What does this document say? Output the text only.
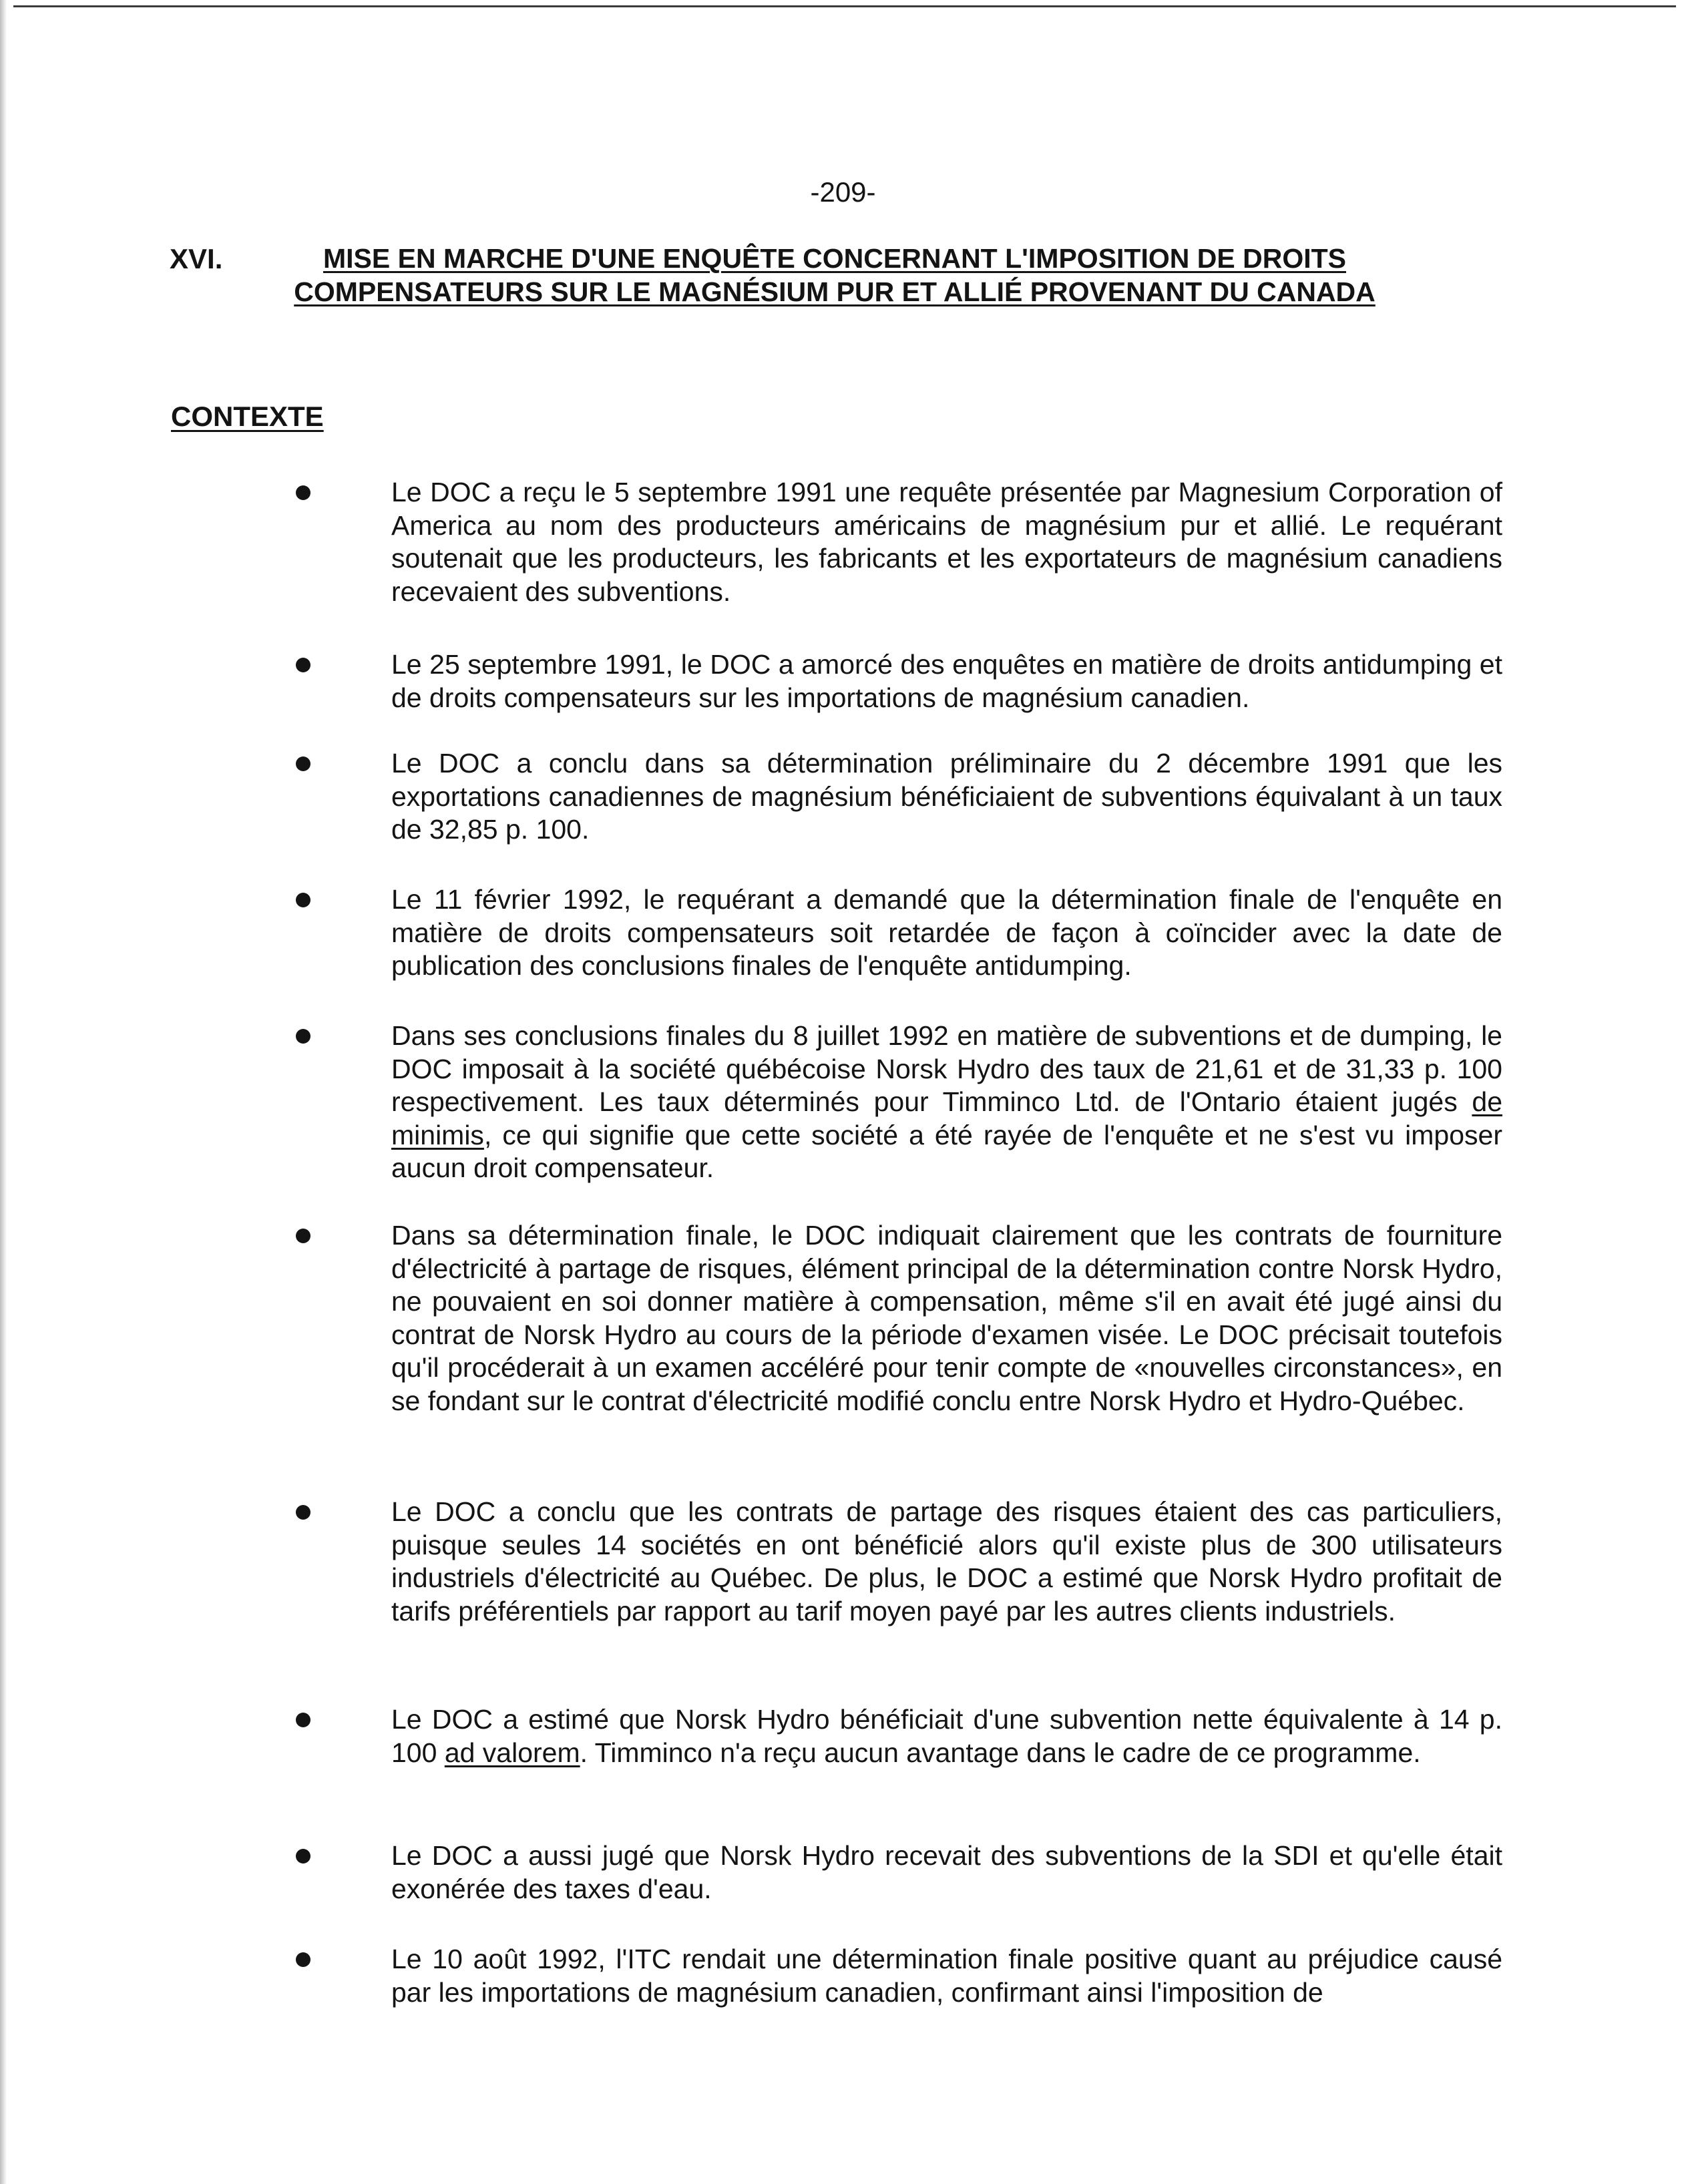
-209-
XVI.	MISE EN MARCHE D'UNE ENQUÊTE CONCERNANT L'IMPOSITION DE DROITS
COMPENSATEURS SUR LE MAGNÉSIUM PUR ET ALLIÉ PROVENANT DU CANADA
CONTEXTE
Le DOC a reçu le 5 septembre 1991 une requête présentée par Magnesium Corporation of America au nom des producteurs américains de magnésium pur et allié. Le requérant soutenait que les producteurs, les fabricants et les exportateurs de magnésium canadiens recevaient des subventions.
Le 25 septembre 1991, le DOC a amorcé des enquêtes en matière de droits antidumping et de droits compensateurs sur les importations de magnésium canadien.
Le DOC a conclu dans sa détermination préliminaire du 2 décembre 1991 que les exportations canadiennes de magnésium bénéficiaient de subventions équivalant à un taux de 32,85 p. 100.
Le 11 février 1992, le requérant a demandé que la détermination finale de l'enquête en matière de droits compensateurs soit retardée de façon à coïncider avec la date de publication des conclusions finales de l'enquête antidumping.
Dans ses conclusions finales du 8 juillet 1992 en matière de subventions et de dumping, le DOC imposait à la société québécoise Norsk Hydro des taux de 21,61 et de 31,33 p. 100 respectivement. Les taux déterminés pour Timminco Ltd. de l'Ontario étaient jugés de minimis, ce qui signifie que cette société a été rayée de l'enquête et ne s'est vu imposer aucun droit compensateur.
Dans sa détermination finale, le DOC indiquait clairement que les contrats de fourniture d'électricité à partage de risques, élément principal de la détermination contre Norsk Hydro, ne pouvaient en soi donner matière à compensation, même s'il en avait été jugé ainsi du contrat de Norsk Hydro au cours de la période d'examen visée. Le DOC précisait toutefois qu'il procéderait à un examen accéléré pour tenir compte de «nouvelles circonstances», en se fondant sur le contrat d'électricité modifié conclu entre Norsk Hydro et Hydro-Québec.
Le DOC a conclu que les contrats de partage des risques étaient des cas particuliers, puisque seules 14 sociétés en ont bénéficié alors qu'il existe plus de 300 utilisateurs industriels d'électricité au Québec. De plus, le DOC a estimé que Norsk Hydro profitait de tarifs préférentiels par rapport au tarif moyen payé par les autres clients industriels.
Le DOC a estimé que Norsk Hydro bénéficiait d'une subvention nette équivalente à 14 p. 100 ad valorem. Timminco n'a reçu aucun avantage dans le cadre de ce programme.
Le DOC a aussi jugé que Norsk Hydro recevait des subventions de la SDI et qu'elle était exonérée des taxes d'eau.
Le 10 août 1992, l'ITC rendait une détermination finale positive quant au préjudice causé par les importations de magnésium canadien, confirmant ainsi l'imposition de
